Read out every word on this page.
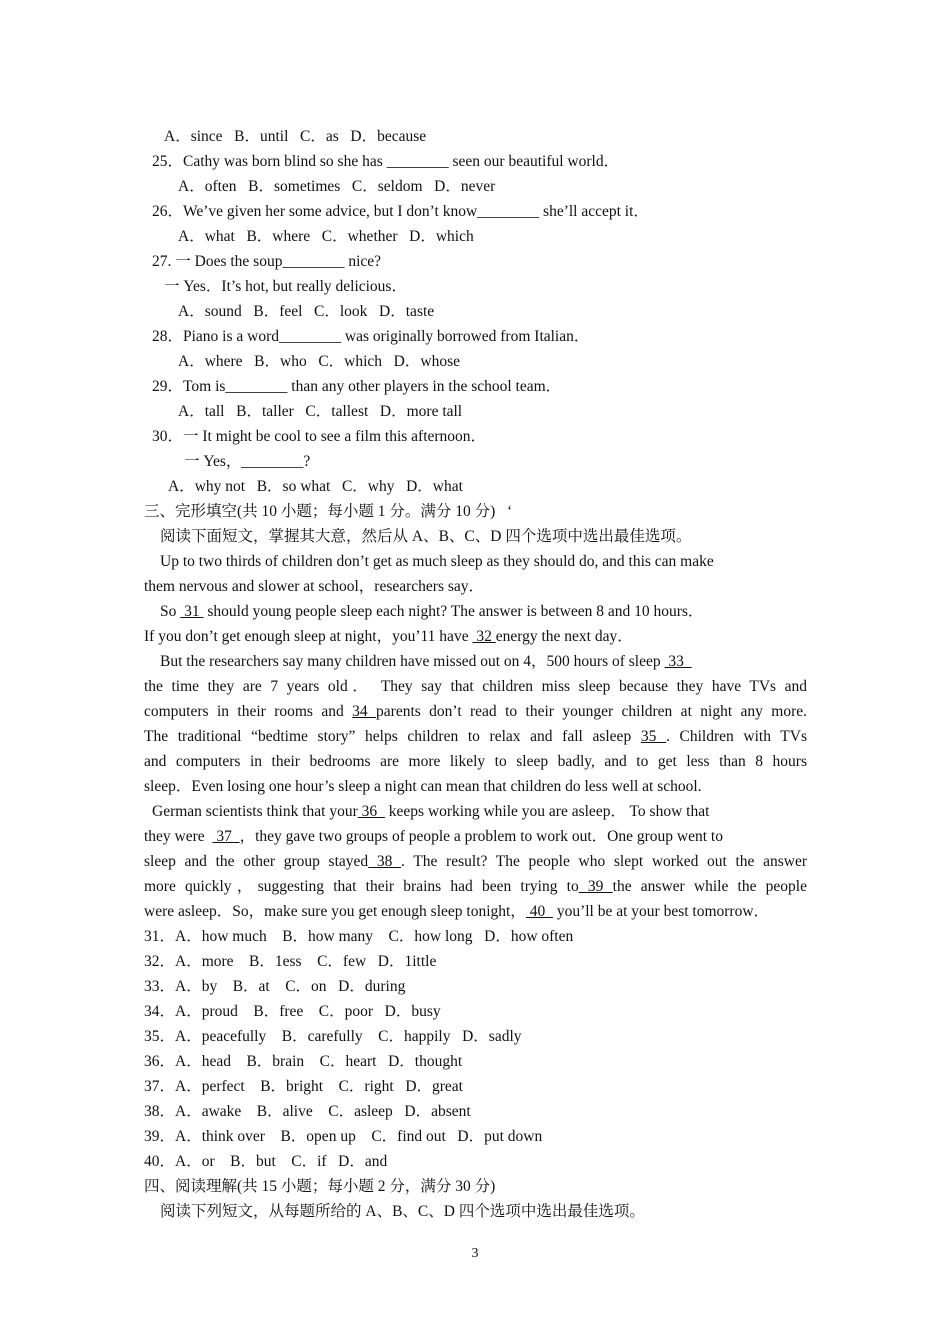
A．since   B．until   C．as   D．because
25．Cathy was born blind so she has ________ seen our beautiful world．
A．often   B．sometimes   C．seldom   D．never
26．We’ve given her some advice, but I don’t know________ she’ll accept it．
A．what   B．where   C．whether   D．which
27. 一 Does the soup________ nice?
一 Yes．It’s hot, but really delicious．
A．sound   B．feel   C．look   D．taste
28．Piano is a word________ was originally borrowed from Italian．
A．where   B．who   C．which   D．whose
29．Tom is________ than any other players in the school team．
A．tall   B．taller   C．tallest   D．more tall
30．一 It might be cool to see a film this afternoon．
一 Yes，________?
A．why not   B．so what   C．why   D．what
三、完形填空(共 10 小题；每小题 1 分。满分 10 分)   ‘
阅读下面短文，掌握其大意，然后从 A、B、C、D 四个选项中选出最佳选项。
Up to two thirds of children don’t get as much sleep as they should do, and this can make
them nervous and slower at school，researchers say．
So  31  should young people sleep each night? The answer is between 8 and 10 hours．
If you don’t get enough sleep at night，you’11 have  32 energy the next day．
But the researchers say many children have missed out on 4，500 hours of sleep  33
the time they are 7 years old． They say that children miss sleep because they have TVs and
computers in their rooms and 34 parents don’t read to their younger children at night any more.
The traditional “bedtime story” helps children to relax and fall asleep 35 . Children with TVs
and computers in their bedrooms are more likely to sleep badly, and to get less than 8 hours
sleep．Even losing one hour’s sleep a night can mean that children do less well at school.
German scientists think that your 36   keeps working while you are asleep． To show that
they were   37  ，they gave two groups of people a problem to work out．One group went to
sleep and the other group stayed 38 . The result? The people who slept worked out the answer
more quickly，suggesting that their brains had been trying to 39 the answer while the people
were asleep．So，make sure you get enough sleep tonight， 40   you’ll be at your best tomorrow．
31．A．how much    B．how many    C．how long   D．how often
32．A．more    B．1ess    C．few   D．1ittle
33．A．by    B．at    C．on   D．during
34．A．proud    B．free    C．poor   D．busy
35．A．peacefully    B．carefully    C．happily   D．sadly
36．A．head    B．brain    C．heart   D．thought
37．A．perfect    B．bright    C．right   D．great
38．A．awake    B．alive    C．asleep   D．absent
39．A．think over    B．open up    C．find out   D．put down
40．A．or    B．but    C．if   D．and
四、阅读理解(共 15 小题；每小题 2 分，满分 30 分)
阅读下列短文，从每题所给的 A、B、C、D 四个选项中选出最佳选项。
3
